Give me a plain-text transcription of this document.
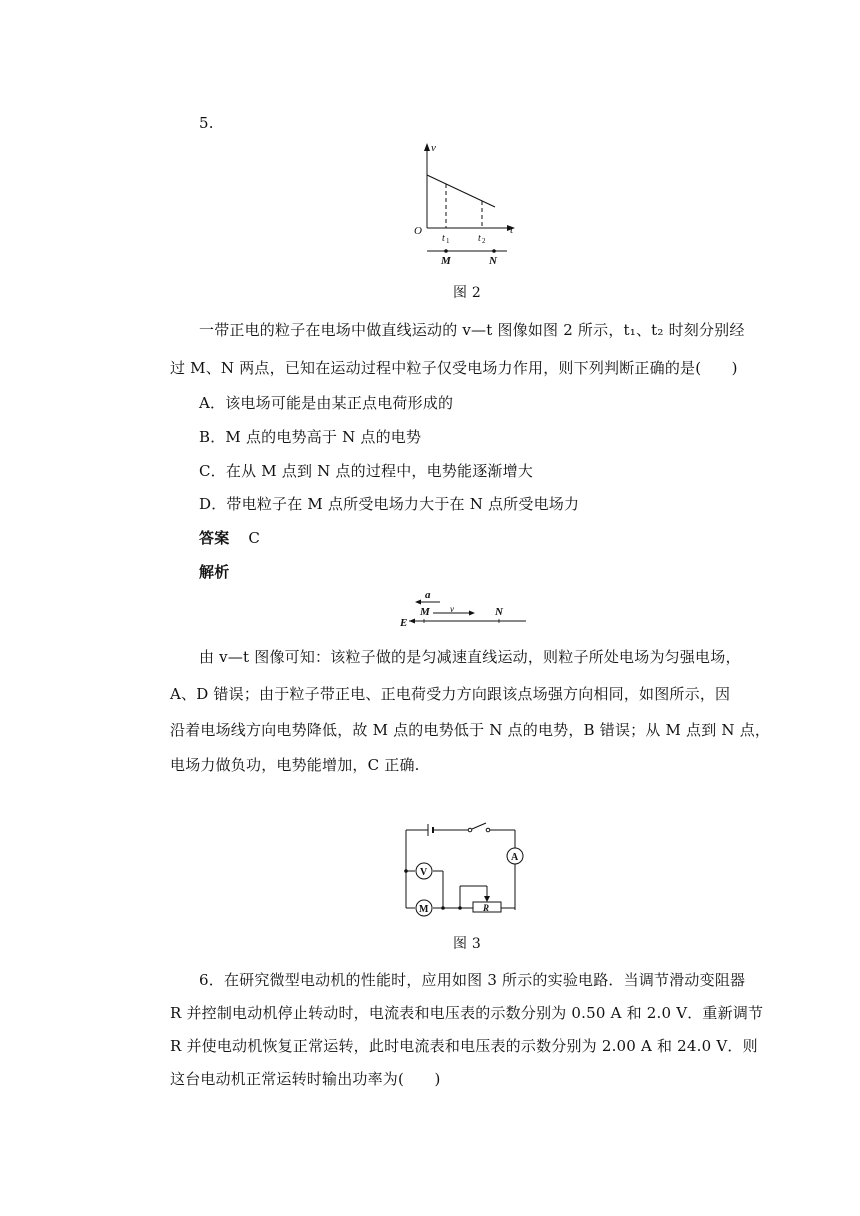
5.
v
t
O
t 1	t 2
M	N
图 2
一带正电的粒子在电场中做直线运动的 v—t 图像如图 2 所示，t₁、t₂ 时刻分别经
过 M、N 两点，已知在运动过程中粒子仅受电场力作用，则下列判断正确的是(　　)
A．该电场可能是由某正点电荷形成的
B．M 点的电势高于 N 点的电势
C．在从 M 点到 N 点的过程中，电势能逐渐增大
D．带电粒子在 M 点所受电场力大于在 N 点所受电场力
答案 C
解析
a
M v	N
E
由 v—t 图像可知：该粒子做的是匀减速直线运动，则粒子所处电场为匀强电场，
A、D 错误；由于粒子带正电、正电荷受力方向跟该点场强方向相同，如图所示，因
沿着电场线方向电势降低，故 M 点的电势低于 N 点的电势，B 错误；从 M 点到 N 点，
电场力做负功，电势能增加，C 正确.
A
V
M	R
图 3
6．在研究微型电动机的性能时，应用如图 3 所示的实验电路．当调节滑动变阻器
R 并控制电动机停止转动时，电流表和电压表的示数分别为 0.50 A 和 2.0 V．重新调节
R 并使电动机恢复正常运转，此时电流表和电压表的示数分别为 2.00 A 和 24.0 V．则
这台电动机正常运转时输出功率为(　　)
